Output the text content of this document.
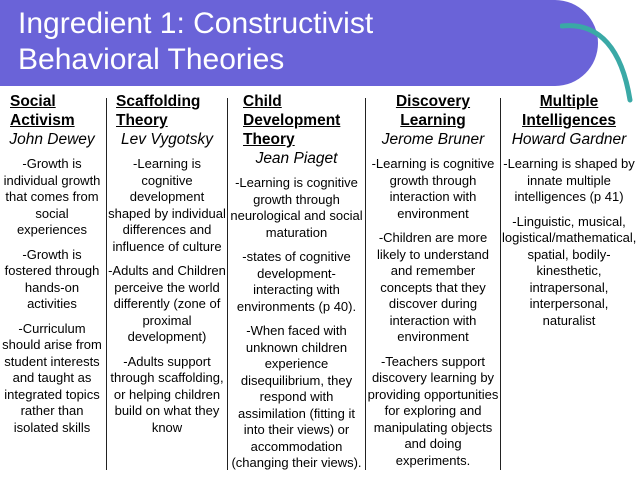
Ingredient 1: Constructivist
Behavioral Theories
Social
Activism
John Dewey

-Growth is individual growth that comes from social experiences

-Growth is fostered through hands-on activities

-Curriculum should arise from student interests and taught as integrated topics rather than isolated skills

Scaffolding
Theory
Lev Vygotsky

-Learning is cognitive development shaped by individual differences and influence of culture

-Adults and Children perceive the world differently (zone of proximal development)

-Adults support through scaffolding, or helping children build on what they know

Child
Development
Theory
Jean Piaget

-Learning is cognitive growth through neurological and social maturation

-states of cognitive development-interacting with environments (p 40).

-When faced with unknown children experience disequilibrium, they respond with assimilation (fitting it into their views) or accommodation (changing their views).

Discovery
Learning
Jerome Bruner

-Learning is cognitive growth through interaction with environment

-Children are more likely to understand and remember concepts that they discover during interaction with environment

-Teachers support discovery learning by providing opportunities for exploring and manipulating objects and doing experiments.

Multiple
Intelligences
Howard Gardner

-Learning is shaped by innate multiple intelligences (p 41)

-Linguistic, musical, logistical/mathematical, spatial, bodily-kinesthetic, intrapersonal, interpersonal, naturalist
